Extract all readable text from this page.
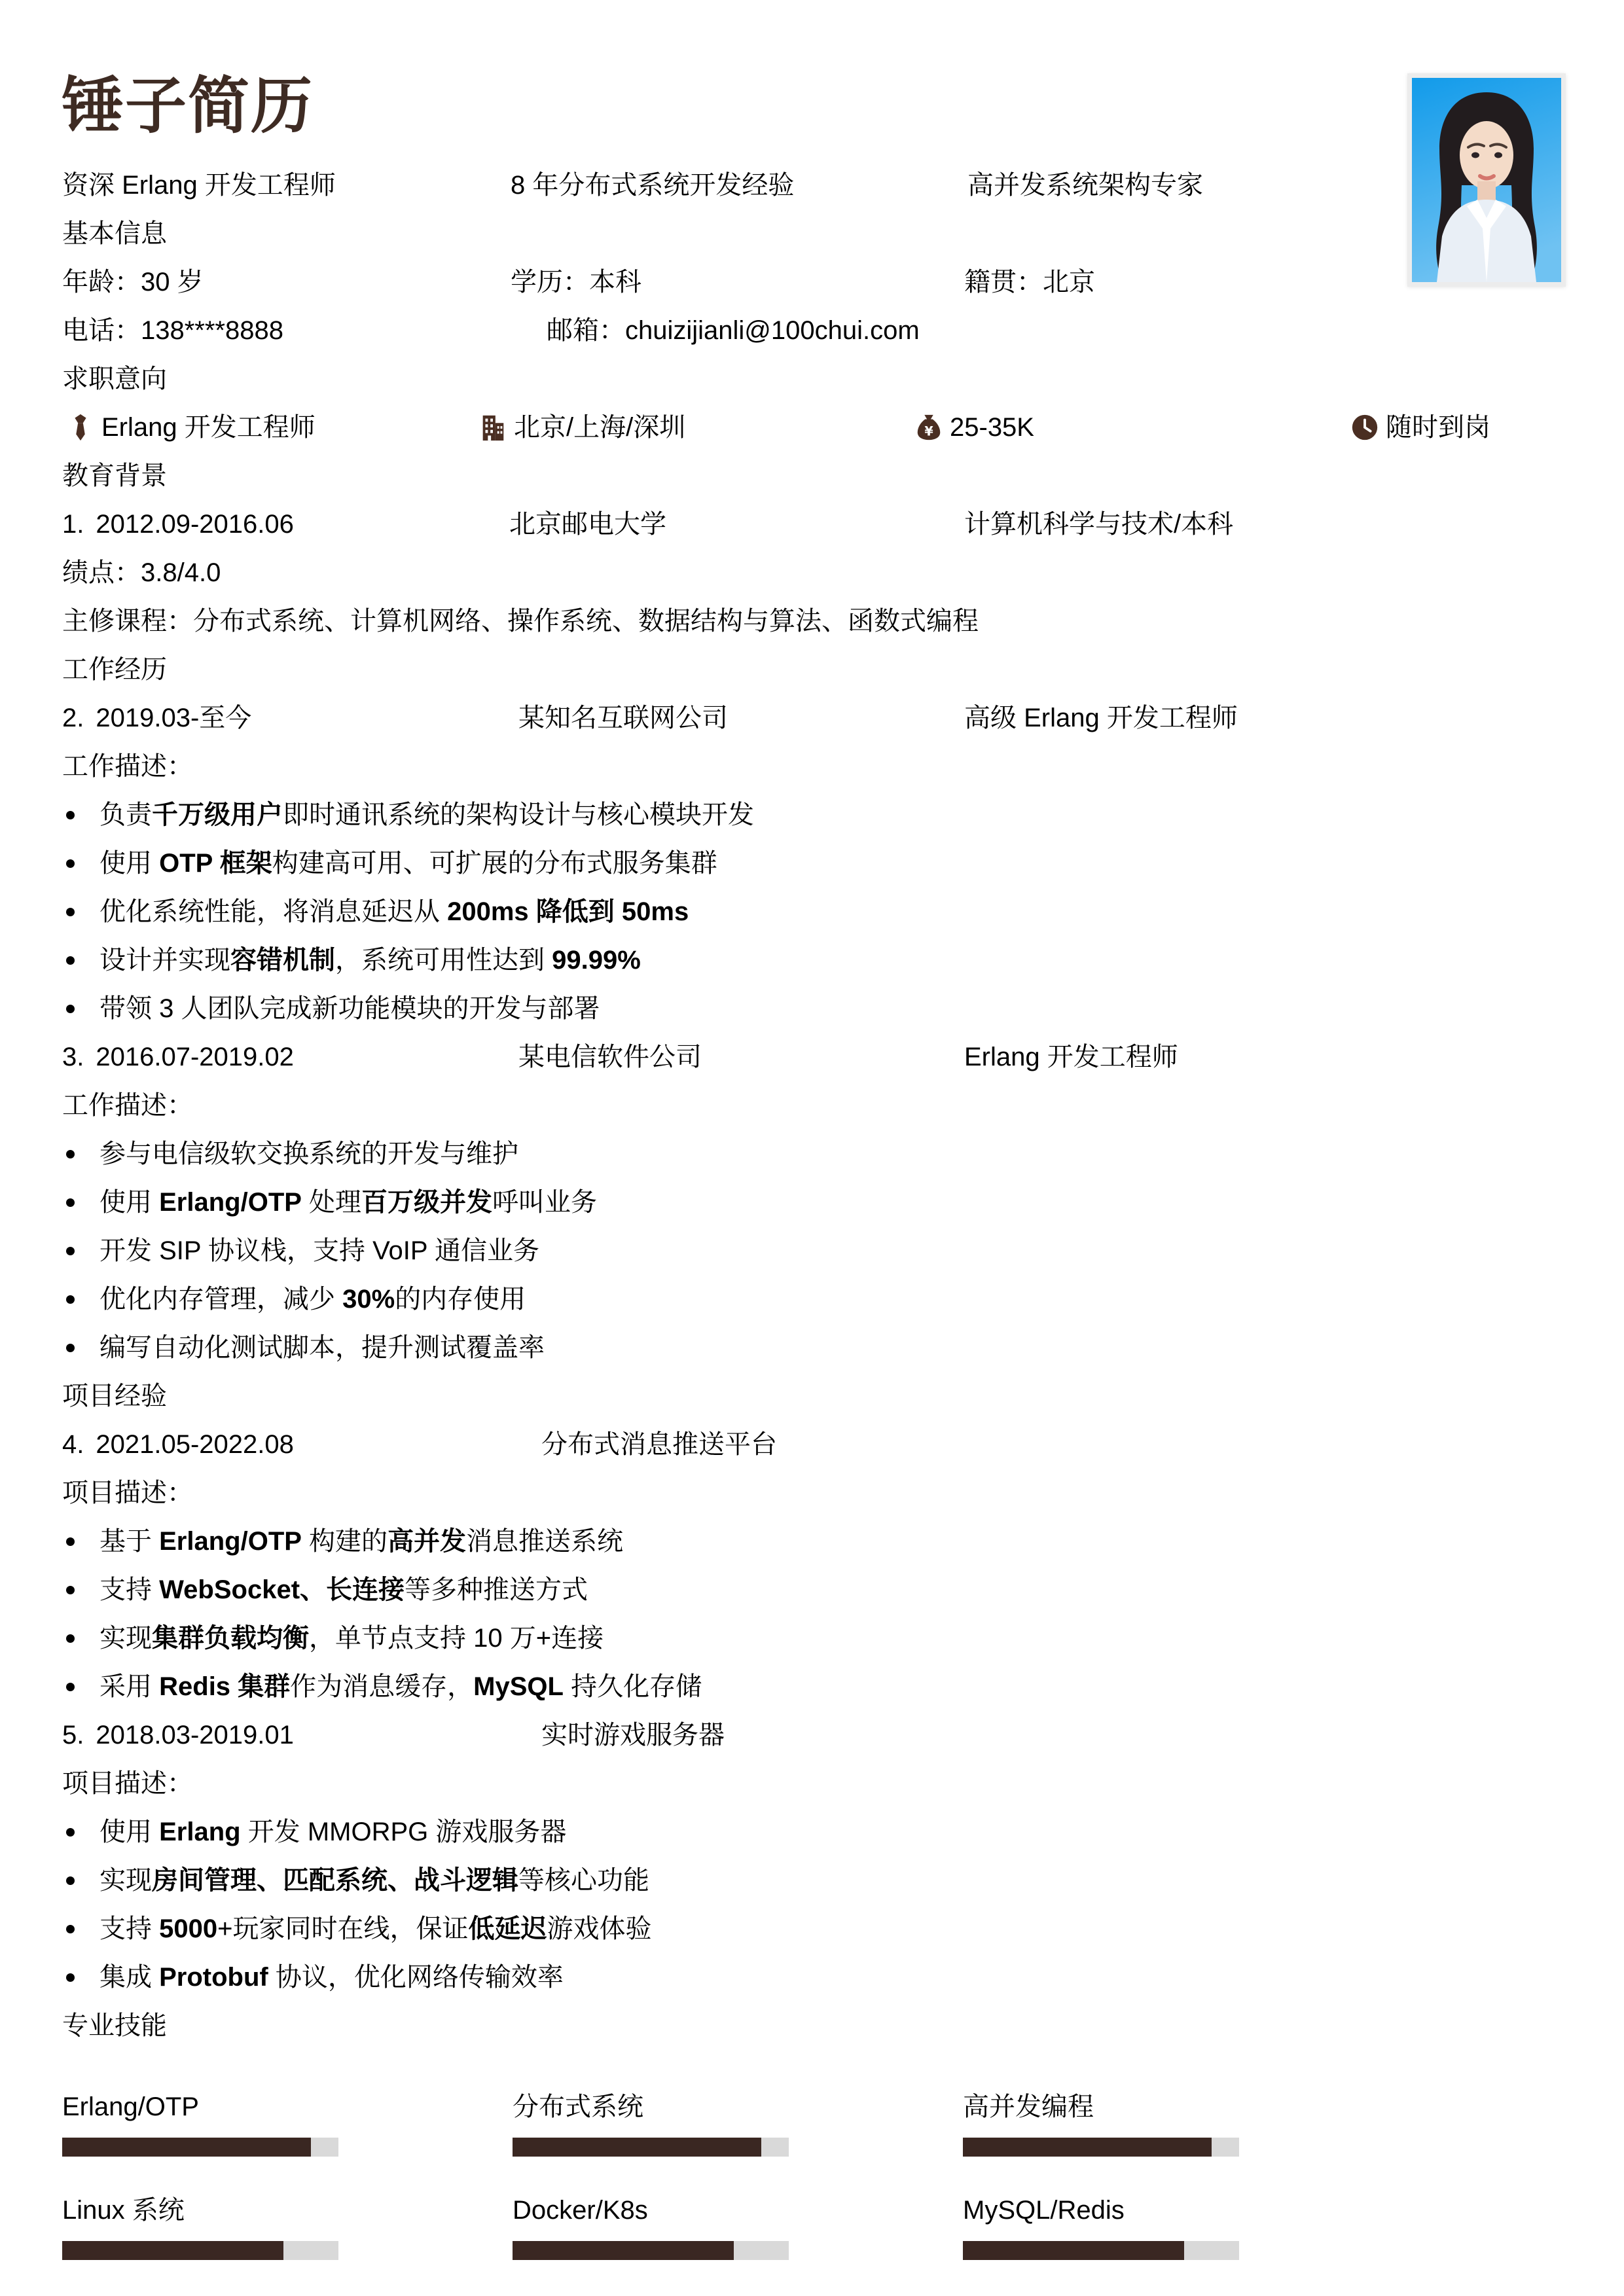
锤子简历
资深 Erlang 开发工程师	8 年分布式系统开发经验	高并发系统架构专家
基本信息
年龄：30 岁	学历：本科	籍贯：北京
电话：138****8888	邮箱：chuizijianli@100chui.com
求职意向
Erlang 开发工程师	北京/上海/深圳	¥ 25-35K	随时到岗
教育背景
1. 2012.09-2016.06	北京邮电大学	计算机科学与技术/本科
绩点：3.8/4.0
主修课程：分布式系统、计算机网络、操作系统、数据结构与算法、函数式编程
工作经历
2. 2019.03-至今	某知名互联网公司	高级 Erlang 开发工程师
工作描述：
负责千万级用户即时通讯系统的架构设计与核心模块开发
使用 OTP 框架构建高可用、可扩展的分布式服务集群
优化系统性能，将消息延迟从 200ms 降低到 50ms
设计并实现容错机制，系统可用性达到 99.99%
带领 3 人团队完成新功能模块的开发与部署
3. 2016.07-2019.02	某电信软件公司	Erlang 开发工程师
工作描述：
参与电信级软交换系统的开发与维护
使用 Erlang/OTP 处理百万级并发呼叫业务
开发 SIP 协议栈，支持 VoIP 通信业务
优化内存管理，减少 30%的内存使用
编写自动化测试脚本，提升测试覆盖率
项目经验
4. 2021.05-2022.08	分布式消息推送平台
项目描述：
基于 Erlang/OTP 构建的高并发消息推送系统
支持 WebSocket、长连接等多种推送方式
实现集群负载均衡，单节点支持 10 万+连接
采用 Redis 集群作为消息缓存，MySQL 持久化存储
5. 2018.03-2019.01	实时游戏服务器
项目描述：
使用 Erlang 开发 MMORPG 游戏服务器
实现房间管理、匹配系统、战斗逻辑等核心功能
支持 5000+玩家同时在线，保证低延迟游戏体验
集成 Protobuf 协议，优化网络传输效率
专业技能
Erlang/OTP	分布式系统	高并发编程
Linux 系统	Docker/K8s	MySQL/Redis
